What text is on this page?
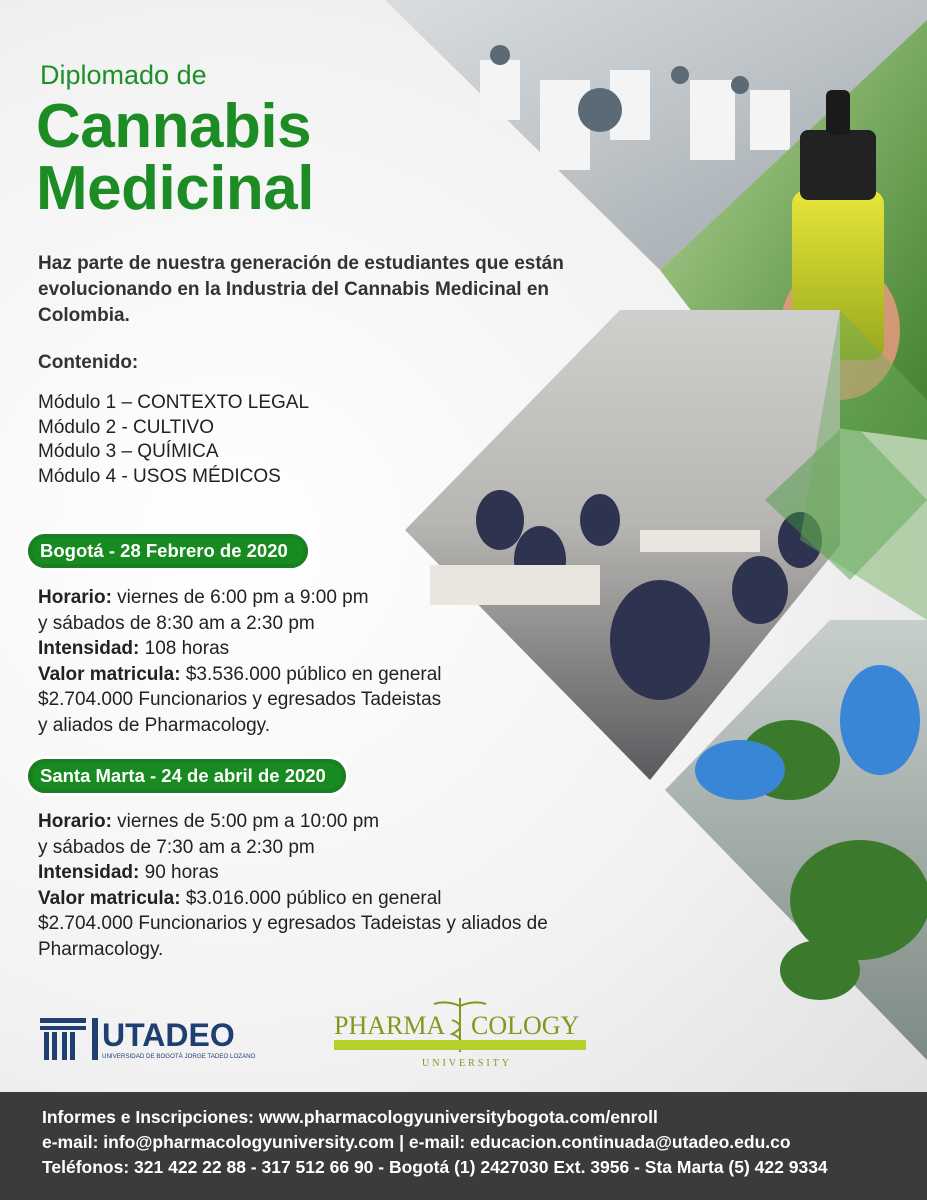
Diplomado de
Cannabis
Medicinal
Haz parte de nuestra generación de estudiantes que están evolucionando en la Industria del Cannabis Medicinal en Colombia.
Contenido:
Módulo 1 – CONTEXTO LEGAL
Módulo 2 - CULTIVO
Módulo 3 – QUÍMICA
Módulo 4 - USOS MÉDICOS
Bogotá - 28 Febrero de 2020
Horario: viernes de 6:00 pm a 9:00 pm
y sábados de 8:30 am a 2:30 pm
Intensidad: 108 horas
Valor matricula: $3.536.000 público en general
$2.704.000 Funcionarios y egresados Tadeistas
y aliados de Pharmacology.
Santa Marta - 24 de abril de 2020
Horario: viernes de 5:00 pm a 10:00 pm
y sábados de 7:30 am a 2:30 pm
Intensidad: 90 horas
Valor matricula: $3.016.000 público en general
$2.704.000 Funcionarios y egresados Tadeistas y aliados de
Pharmacology.
UTADEO
UNIVERSIDAD DE BOGOTÁ JORGE TADEO LOZANO
PHARMA COLOGY
UNIVERSITY
Informes e Inscripciones: www.pharmacologyuniversitybogota.com/enroll
e-mail: info@pharmacologyuniversity.com | e-mail: educacion.continuada@utadeo.edu.co
Teléfonos: 321 422 22 88 - 317 512 66 90 - Bogotá (1) 2427030 Ext. 3956 - Sta Marta (5) 422 9334
